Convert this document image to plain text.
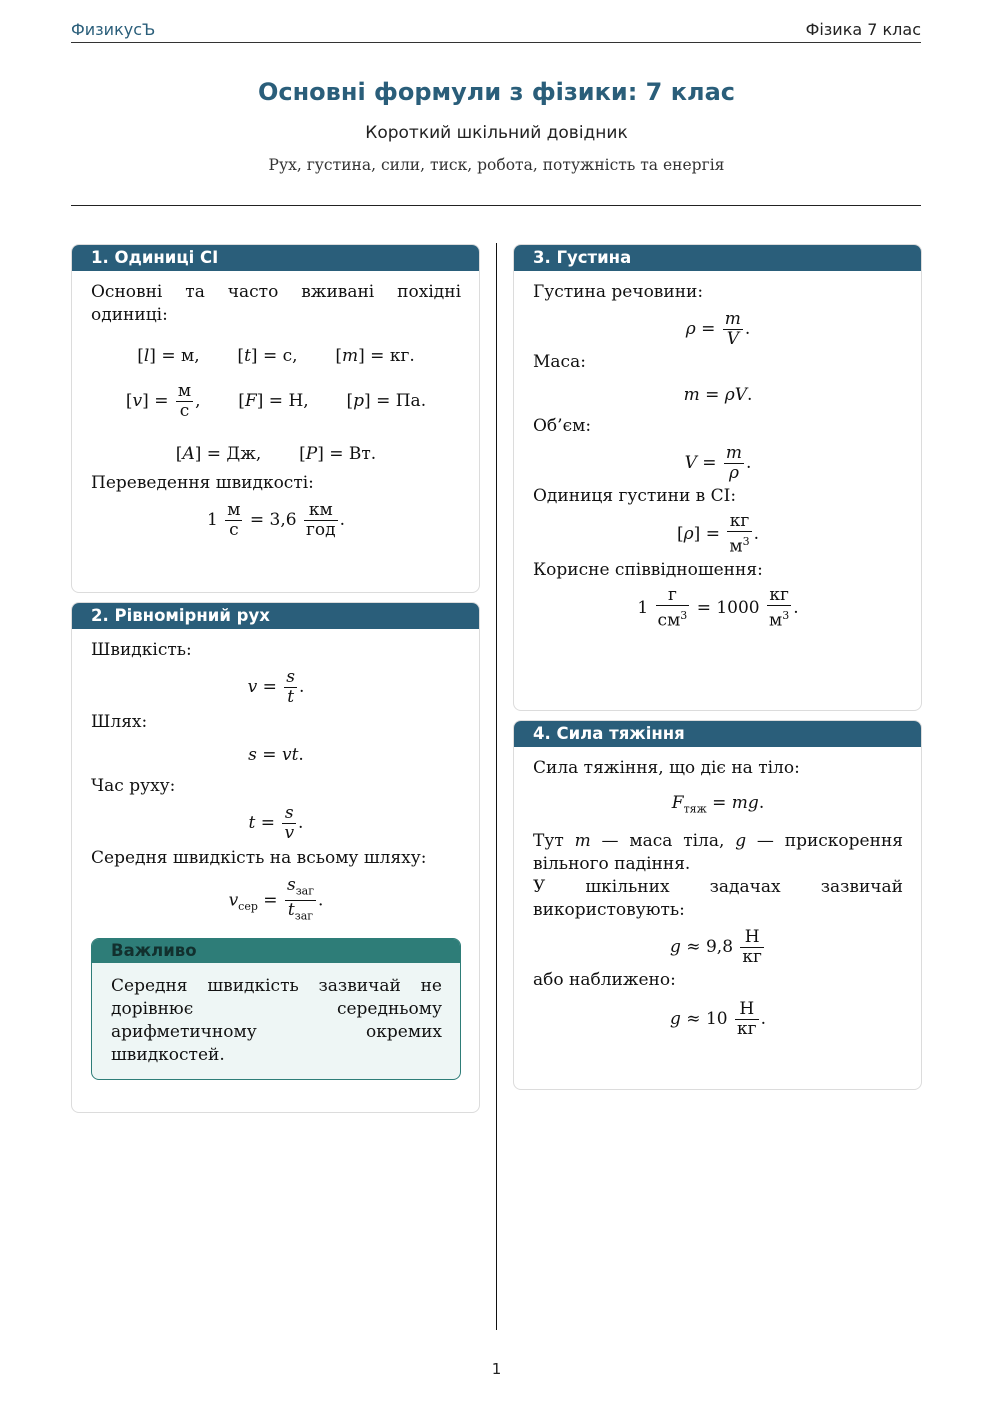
ФизикусЪ	Фізика 7 клас
Основні формули з фізики: 7 клас
Короткий шкільний довідник
Рух, густина, сили, тиск, робота, потужність та енергія
1. Одиниці СІ

Основні та часто вживані похідні одиниці:

[l] = м,       [t] = с,       [m] = кг.
$[v] = \frac{м}{с}$ ,       [F] = Н,       [p] = Па.
[A] = Дж,       [P] = Вт.

Переведення швидкості:

$1 \frac{м}{с} = 3,6 \frac{км}{\text{год}}$ .
2. Рівномірний рух

Швидкість:

$v = \frac{s}{t}$ .

Шлях:

s = vt.

Час руху:

$t = \frac{s}{v}$ .

Середня швидкість на всьому шляху:

$v_{сер} = \frac{s_{заг}}{t_{заг}}$ .
Важливо
Середня швидкість зазвичай не дорівнює середньому арифметичному окремих швидкостей.
3. Густина

Густина речовини:

$\rho = \frac{m}{V}$ .

Маса:

m = ρV.

Об’єм:

$V = \frac{m}{\rho}$ .

Одиниця густини в СІ:

$[\rho] = \frac{кг}{м^3}$ .

Корисне співвідношення:

$1 \frac{г}{см^3} = 1000 \frac{кг}{м^3}$ .
4. Сила тяжіння

Сила тяжіння, що діє на тіло:

$F_{тяж}$ = mg.

Тут m — маса тіла, g — прискорення вільного падіння.

У шкільних задачах зазвичай використовують:

$g \approx 9,8 \frac{Н}{кг}$

або наближено:

$g \approx 10 \frac{Н}{кг}$ .
1
